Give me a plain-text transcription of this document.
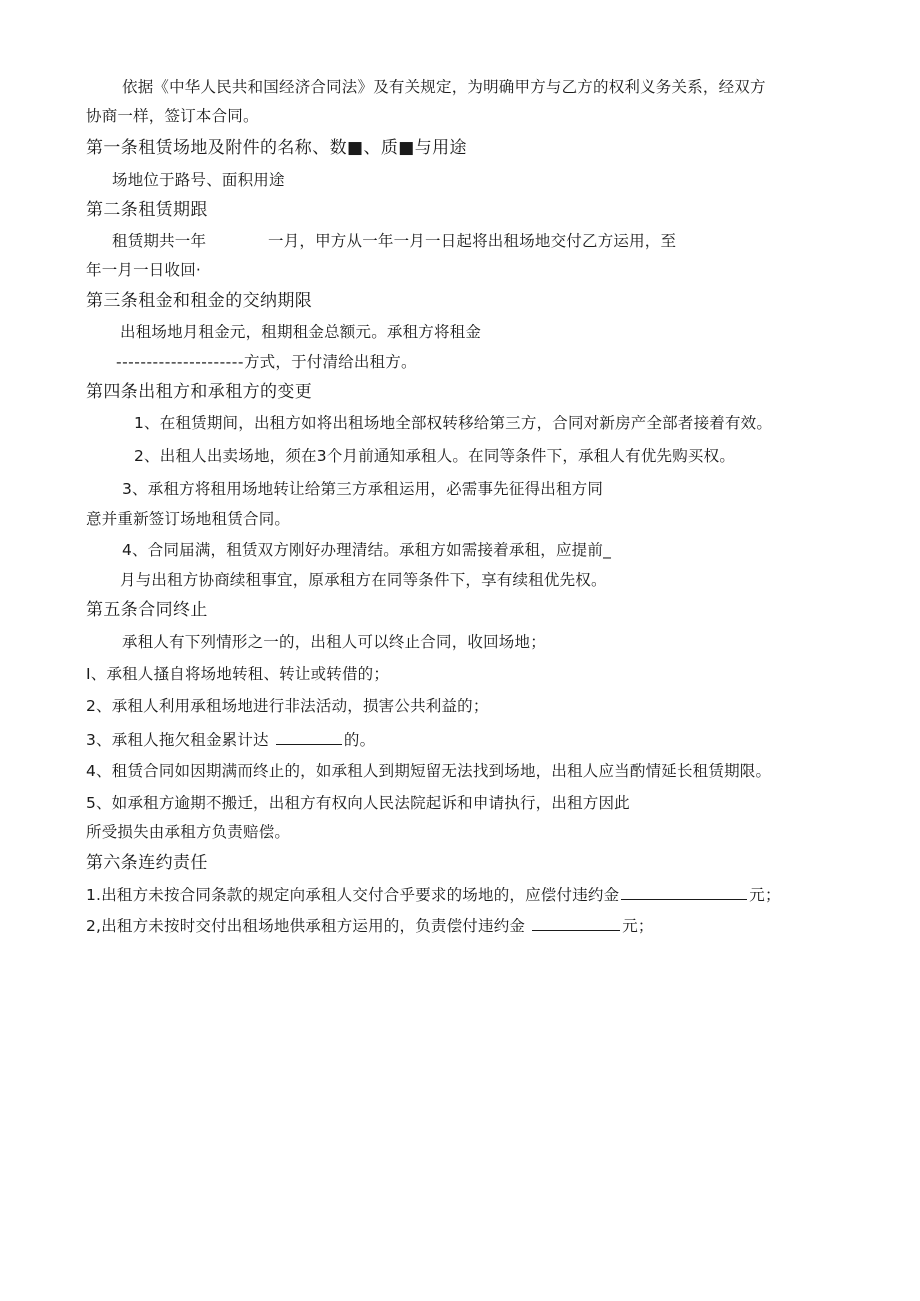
依据《中华人民共和国经济合同法》及有关规定，为明确甲方与乙方的权利义务关系，经双方
协商一样，签订本合同。
第一条租赁场地及附件的名称、数■、质■与用途
场地位于路号、面积用途
第二条租赁期跟
租赁期共一年	一月，甲方从一年一月一日起将出租场地交付乙方运用，至
年一月一日收回·
第三条租金和租金的交纳期限
出租场地月租金元，租期租金总额元。承租方将租金
---------------------方式，于付清给出租方。
第四条出租方和承租方的变更
1、在租赁期间，出租方如将出租场地全部权转移给第三方，合同对新房产全部者接着有效。
2、出租人出卖场地，须在3个月前通知承租人。在同等条件下，承租人有优先购买权。
3、承租方将租用场地转让给第三方承租运用，必需事先征得出租方同
意并重新签订场地租赁合同。
4、合同届满，租赁双方刚好办理清结。承租方如需接着承租，应提前_
月与出租方协商续租事宜，原承租方在同等条件下，享有续租优先权。
第五条合同终止
承租人有下列情形之一的，出租人可以终止合同，收回场地；
I、承租人搔自将场地转租、转让或转借的；
2、承租人利用承租场地进行非法活动，损害公共利益的；
3、承租人拖欠租金累计达	的。
4、租赁合同如因期满而终止的，如承租人到期短留无法找到场地，出租人应当酌情延长租赁期限。
5、如承租方逾期不搬迁，出租方有权向人民法院起诉和申请执行，出租方因此
所受损失由承租方负责赔偿。
第六条连约责任
1.出租方未按合同条款的规定向承租人交付合乎要求的场地的，应偿付违约金	元；
2,出租方未按时交付出租场地供承租方运用的，负责偿付违约金	元；
